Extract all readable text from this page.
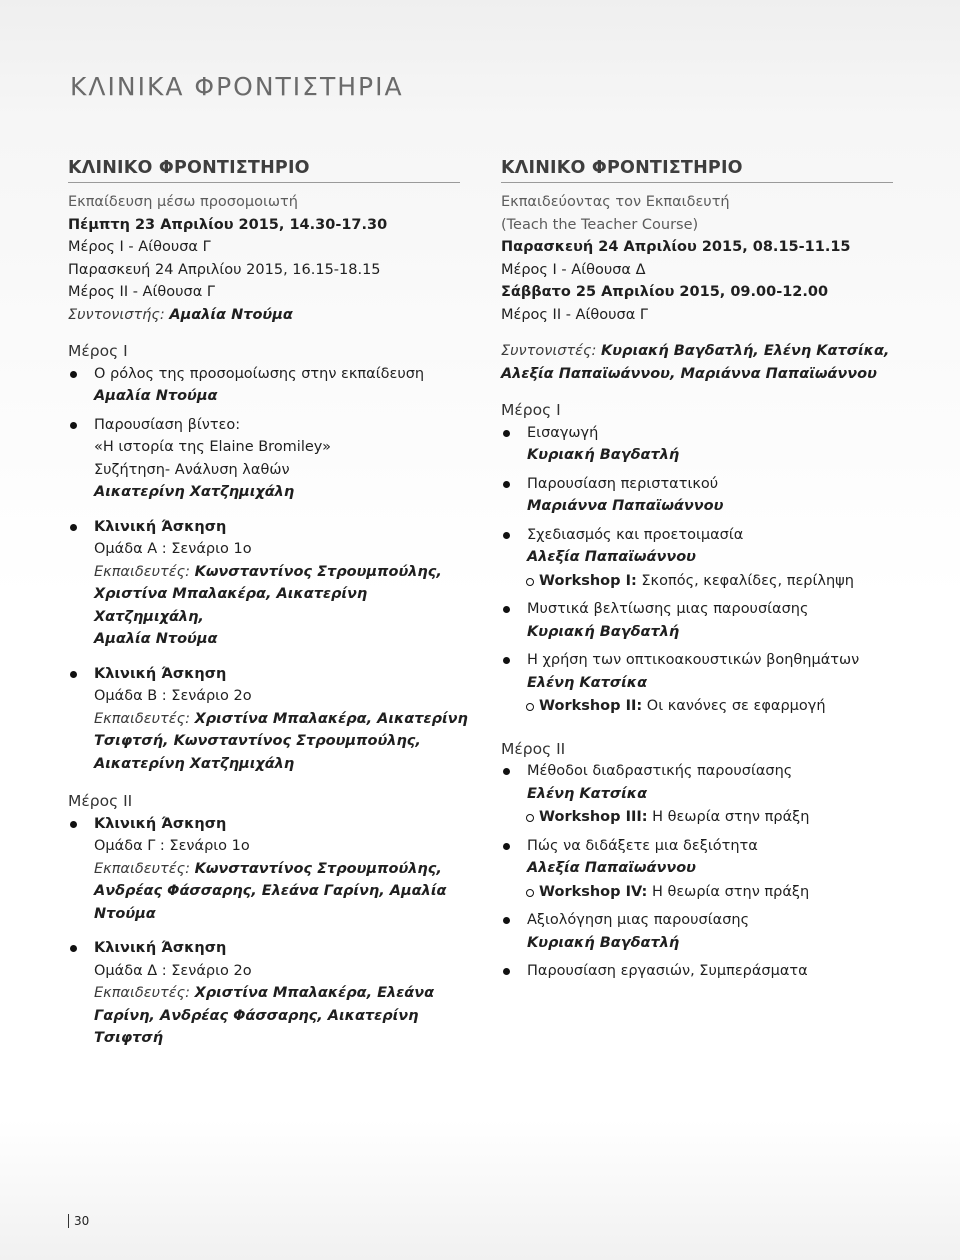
ΚΛΙΝΙΚΑ ΦΡΟΝΤΙΣΤΗΡΙΑ
ΚΛΙΝΙΚΟ ΦΡΟΝΤΙΣΤΗΡΙΟ
Εκπαίδευση μέσω προσομοιωτή
Πέμπτη 23 Απριλίου 2015, 14.30-17.30
Μέρος Ι - Αίθουσα Γ
Παρασκευή 24 Απριλίου 2015, 16.15-18.15
Μέρος ΙΙ - Αίθουσα Γ
Συντονιστής: Αμαλία Ντούμα
Μέρος Ι
Ο ρόλος της προσομοίωσης στην εκπαίδευση
Αμαλία Ντούμα
Παρουσίαση βίντεο:
«Η ιστορία της Elaine Bromiley»
Συζήτηση- Ανάλυση λαθών
Αικατερίνη Χατζημιχάλη
Κλινική Άσκηση
Ομάδα Α : Σενάριο 1ο
Εκπαιδευτές: Κωνσταντίνος Στρουμπούλης,
Χριστίνα Μπαλακέρα, Αικατερίνη Χατζημιχάλη,
Αμαλία Ντούμα
Κλινική Άσκηση
Ομάδα Β : Σενάριο 2ο
Εκπαιδευτές: Χριστίνα Μπαλακέρα, Αικατερίνη
Τσιφτσή, Κωνσταντίνος Στρουμπούλης,
Αικατερίνη Χατζημιχάλη
Μέρος ΙΙ
Κλινική Άσκηση
Ομάδα Γ : Σενάριο 1ο
Εκπαιδευτές: Κωνσταντίνος Στρουμπούλης,
Ανδρέας Φάσσαρης, Ελεάνα Γαρίνη, Αμαλία
Ντούμα
Κλινική Άσκηση
Ομάδα Δ : Σενάριο 2ο
Εκπαιδευτές: Χριστίνα Μπαλακέρα, Ελεάνα
Γαρίνη, Ανδρέας Φάσσαρης, Αικατερίνη Τσιφτσή
ΚΛΙΝΙΚΟ ΦΡΟΝΤΙΣΤΗΡΙΟ
Εκπαιδεύοντας τον Εκπαιδευτή
(Teach the Teacher Course)
Παρασκευή 24 Απριλίου 2015, 08.15-11.15
Μέρος Ι - Αίθουσα Δ
Σάββατο 25 Απριλίου 2015, 09.00-12.00
Μέρος ΙΙ - Αίθουσα Γ
Συντονιστές: Κυριακή Βαγδατλή, Ελένη Κατσίκα,
Αλεξία Παπαϊωάννου, Μαριάννα Παπαϊωάννου
Μέρος Ι
Εισαγωγή
Κυριακή Βαγδατλή
Παρουσίαση περιστατικού
Μαριάννα Παπαϊωάννου
Σχεδιασμός και προετοιμασία
Αλεξία Παπαϊωάννου
Workshop I: Σκοπός, κεφαλίδες, περίληψη
Μυστικά βελτίωσης μιας παρουσίασης
Κυριακή Βαγδατλή
Η χρήση των οπτικοακουστικών βοηθημάτων
Ελένη Κατσίκα
Workshop II: Οι κανόνες σε εφαρμογή
Μέρος ΙΙ
Μέθοδοι διαδραστικής παρουσίασης
Ελένη Κατσίκα
Workshop III: Η θεωρία στην πράξη
Πώς να διδάξετε μια δεξιότητα
Αλεξία Παπαϊωάννου
Workshop IV: Η θεωρία στην πράξη
Αξιολόγηση μιας παρουσίασης
Κυριακή Βαγδατλή
Παρουσίαση εργασιών, Συμπεράσματα
30
